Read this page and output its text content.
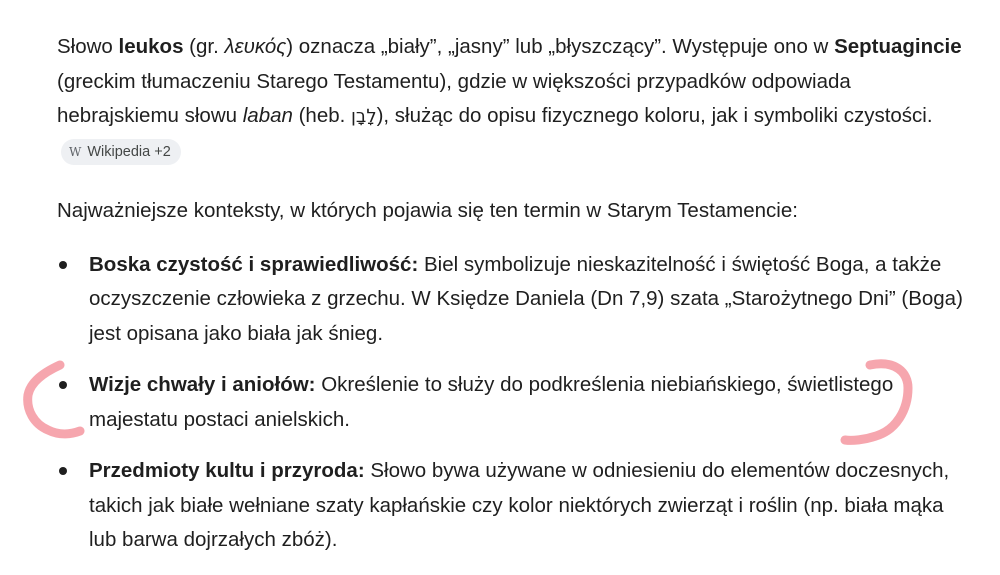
Słowo leukos (gr. λευκός) oznacza „biały”, „jasny” lub „błyszczący”. Występuje ono w Septuagincie (greckim tłumaczeniu Starego Testamentu), gdzie w większości przypadków odpowiada hebrajskiemu słowu laban (heb. לָבָן), służąc do opisu fizycznego koloru, jak i symboliki czystości.
W Wikipedia +2

Najważniejsze konteksty, w których pojawia się ten termin w Starym Testamencie:

Boska czystość i sprawiedliwość: Biel symbolizuje nieskazitelność i świętość Boga, a także oczyszczenie człowieka z grzechu. W Księdze Daniela (Dn 7,9) szata „Starożytnego Dni” (Boga) jest opisana jako biała jak śnieg.
Wizje chwały i aniołów: Określenie to służy do podkreślenia niebiańskiego, świetlistego majestatu postaci anielskich.
Przedmioty kultu i przyroda: Słowo bywa używane w odniesieniu do elementów doczesnych, takich jak białe wełniane szaty kapłańskie czy kolor niektórych zwierząt i roślin (np. biała mąka lub barwa dojrzałych zbóż).
